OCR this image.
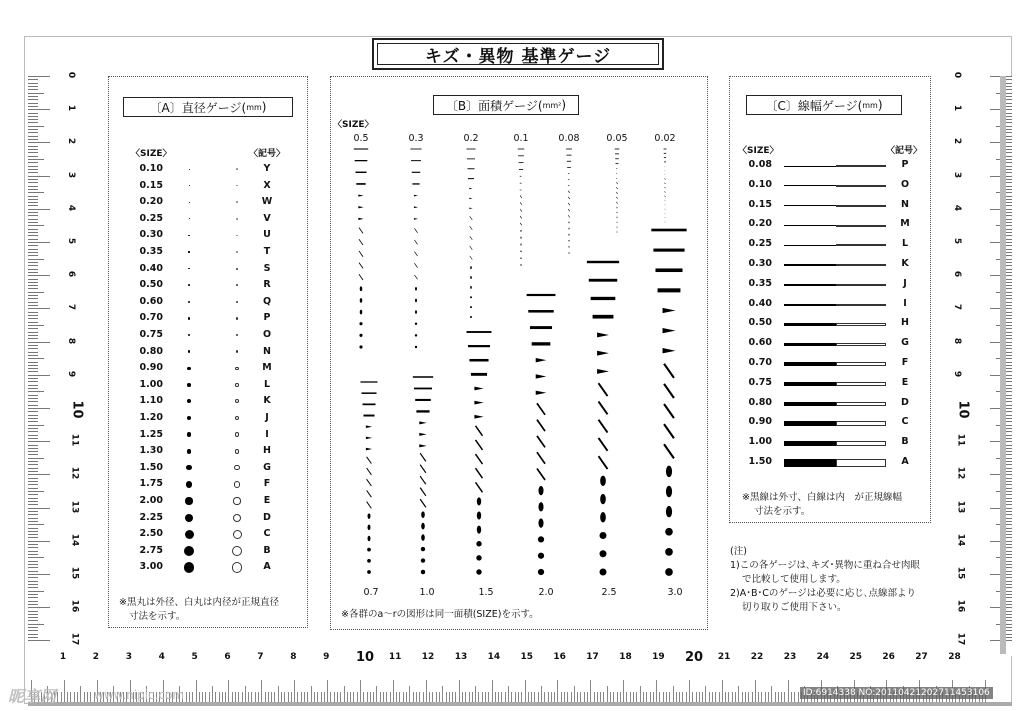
キズ・異物 基準ゲージ
0
1
2
3
4
5
6
7
8
9
10
11
12
13
14
15
16
17
0
1
2
3
4
5
6
7
8
9
10
11
12
13
14
15
16
17
1	2	3	4	5	6	7	8	9 10 11 12 13 14 15 16 17 18 19 20 21 22 23 24 25 26 27 28
〔A〕直径ゲージ( mm )
〈SIZE〉	〈記号〉
0.10	Y
0.15	X
0.20	W
0.25	V
0.30	U
0.35	T
0.40	S
0.50	R
0.60	Q
0.70	P
0.75	O
0.80	N
0.90	M
1.00	L
1.10	K
1.20	J
1.25	I
1.30	H
1.50	G
1.75	F
2.00	E
2.25	D
2.50	C
2.75	B
3.00	A
※黒丸は外径、白丸は内径が正規直径
寸法を示す。
〔B〕面積ゲージ( mm² )
〈SIZE〉
0.5	0.3	0.2	0.1	0.08	0.05	0.02
0.7	1.0	1.5	2.0	2.5	3.0
※各群のa～rの図形は同一面積(SIZE)を示す。
〔C〕線幅ゲージ( mm )
〈SIZE〉	〈記号〉
0.08	P
0.10	O
0.15	N
0.20	M
0.25	L
0.30	K
0.35	J
0.40	I
0.50	H
0.60	G
0.70	F
0.75	E
0.80	D
0.90	C
1.00	B
1.50	A
※黒線は外寸、白線は内　が正規線幅
寸法を示す。
(注)
1)この各ゲージは､キズ･異物に重ね合せ肉眼
で比較して使用します。
2)A･B･Cのゲージは必要に応じ､点線部より
切り取りご使用下さい。
昵享网	www.nipic.com	ID:6914338 NO:20110421202711453106
